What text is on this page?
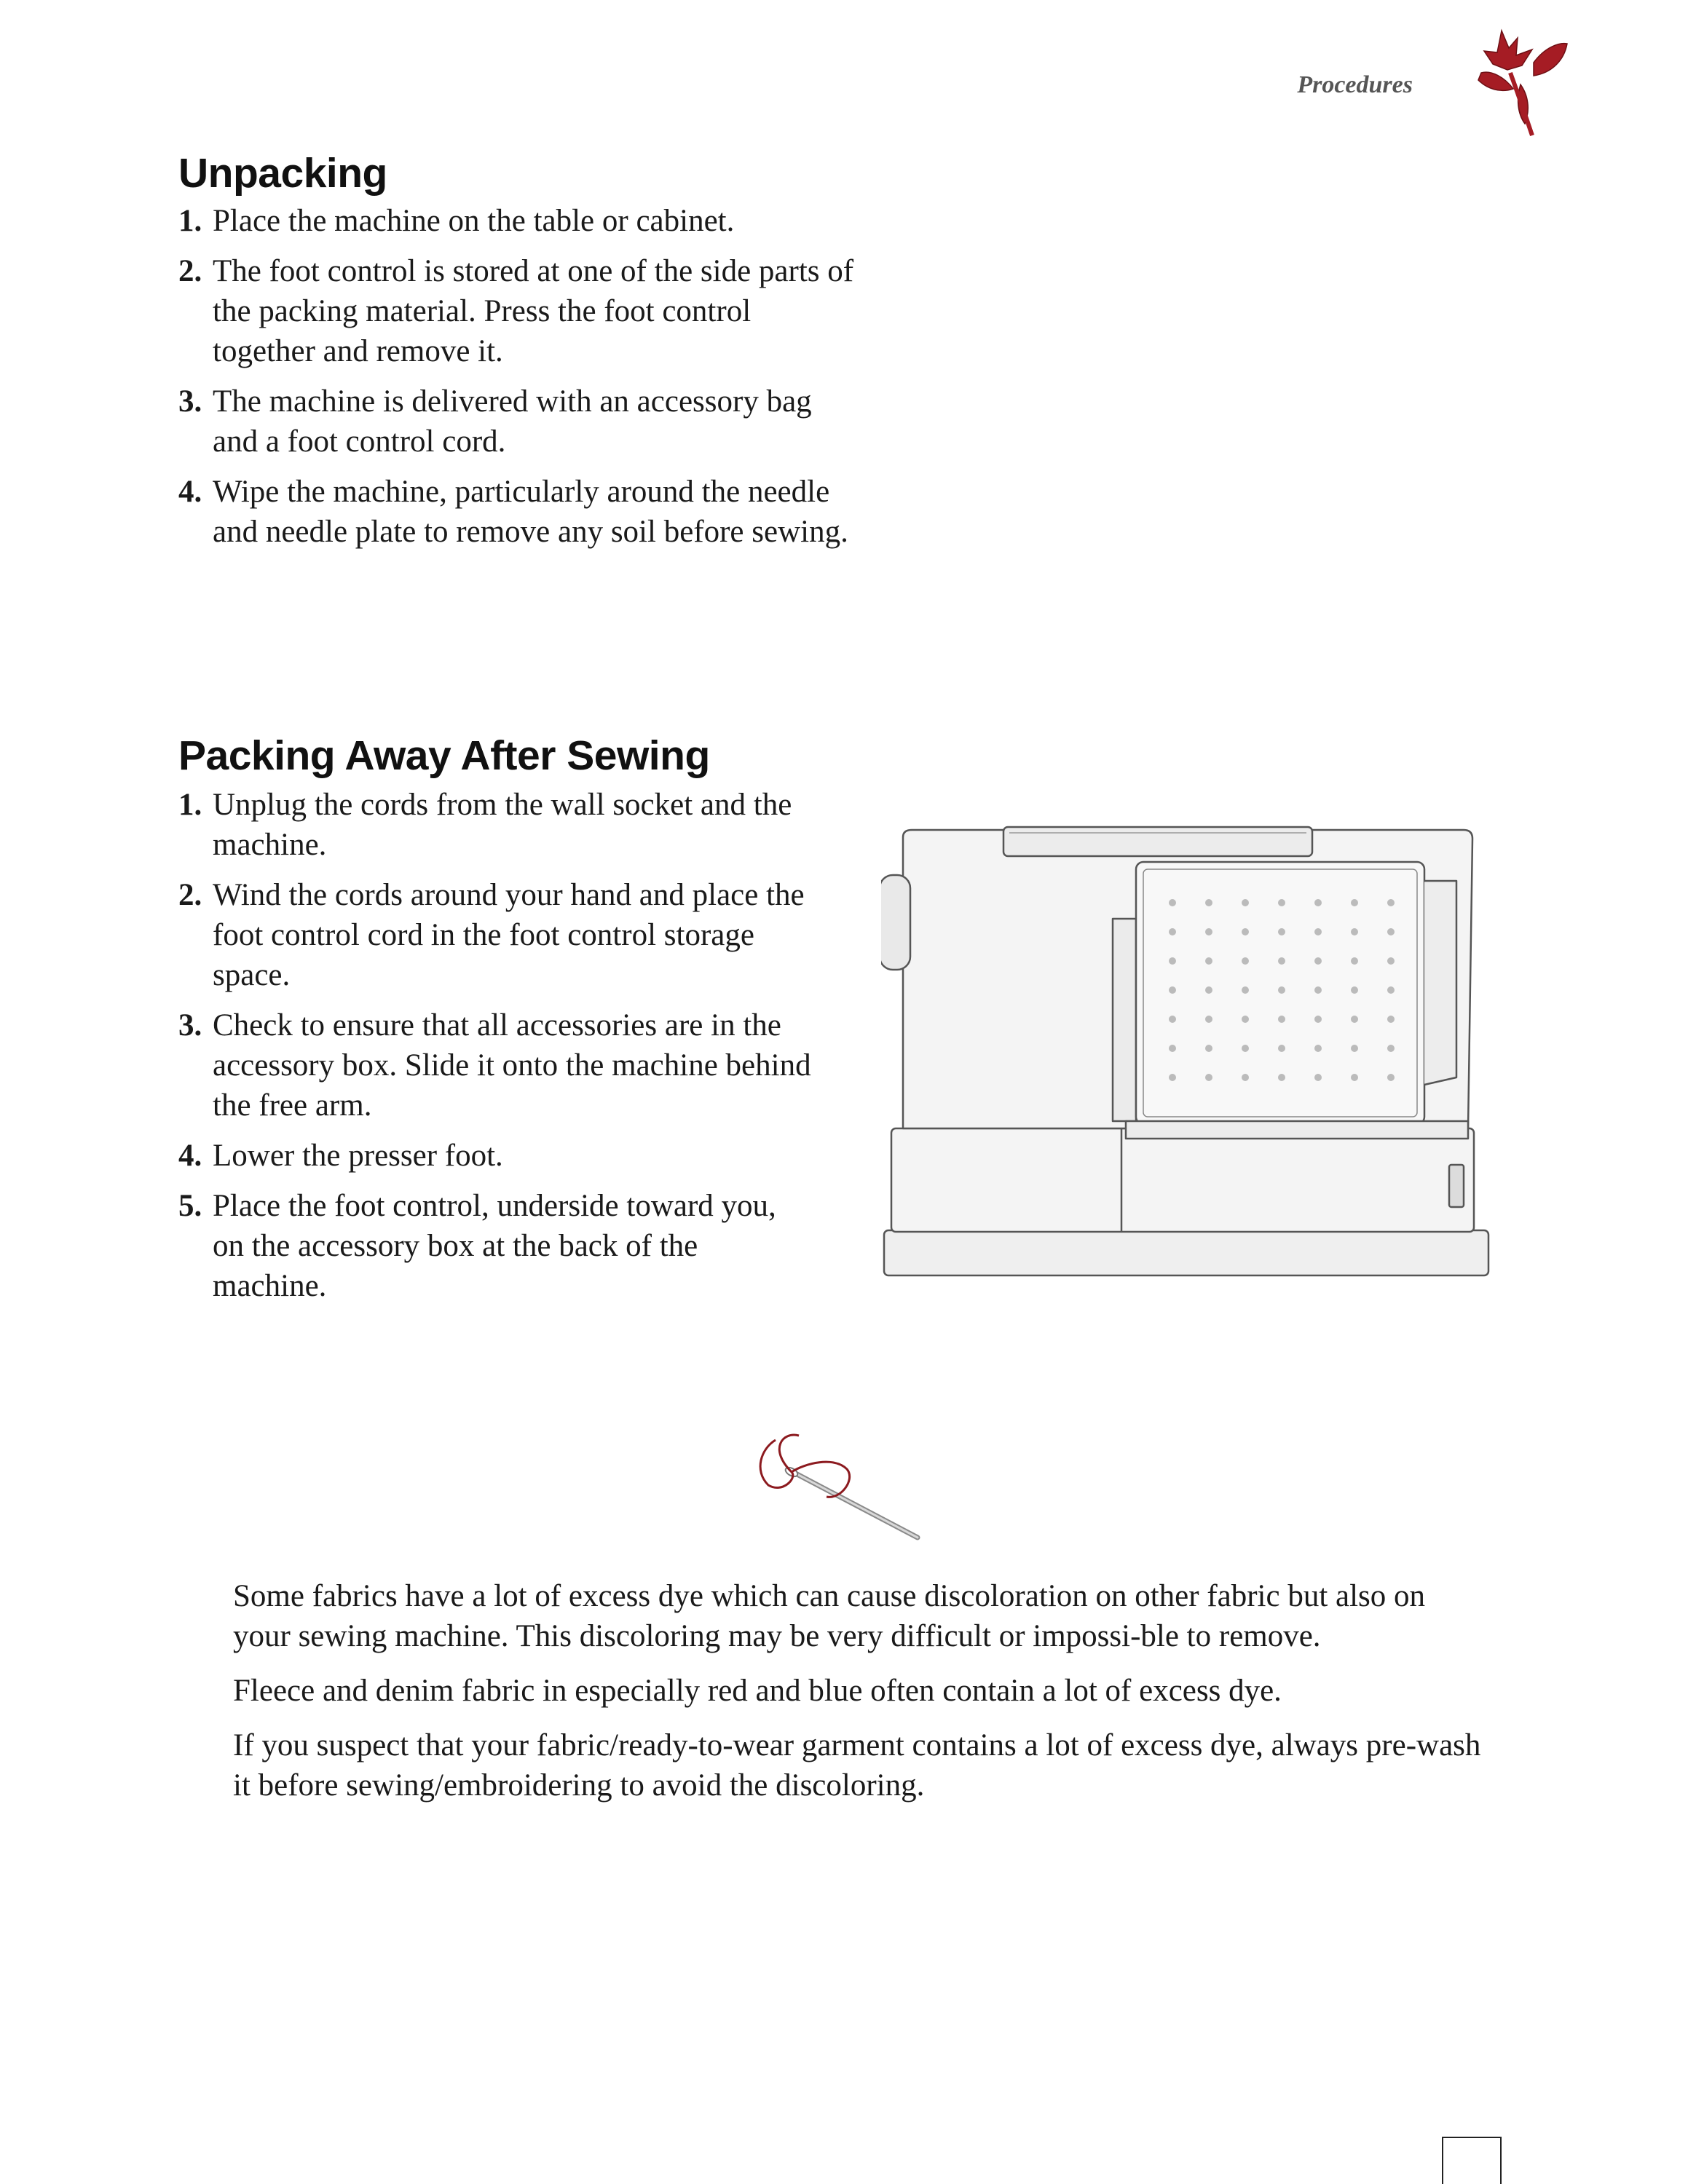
Procedures
Unpacking
1. Place the machine on the table or cabinet.
2. The foot control is stored at one of the side parts of the packing material. Press the foot control together and remove it.
3. The machine is delivered with an accessory bag and a foot control cord.
4. Wipe the machine, particularly around the needle and needle plate to remove any soil before sewing.
Packing Away After Sewing
1. Unplug the cords from the wall socket and the machine.
2. Wind the cords around your hand and place the foot control cord in the foot control storage space.
3. Check to ensure that all accessories are in the accessory box. Slide it onto the machine behind the free arm.
4. Lower the presser foot.
5. Place the foot control, underside toward you, on the accessory box at the back of the machine.

Some fabrics have a lot of excess dye which can cause discoloration on other fabric but also on your sewing machine. This discoloring may be very difficult or impossi-ble to remove.

Fleece and denim fabric in especially red and blue often contain a lot of excess dye.

If you suspect that your fabric/ready-to-wear garment contains a lot of excess dye, always pre-wash it before sewing/embroidering to avoid the discoloring.
